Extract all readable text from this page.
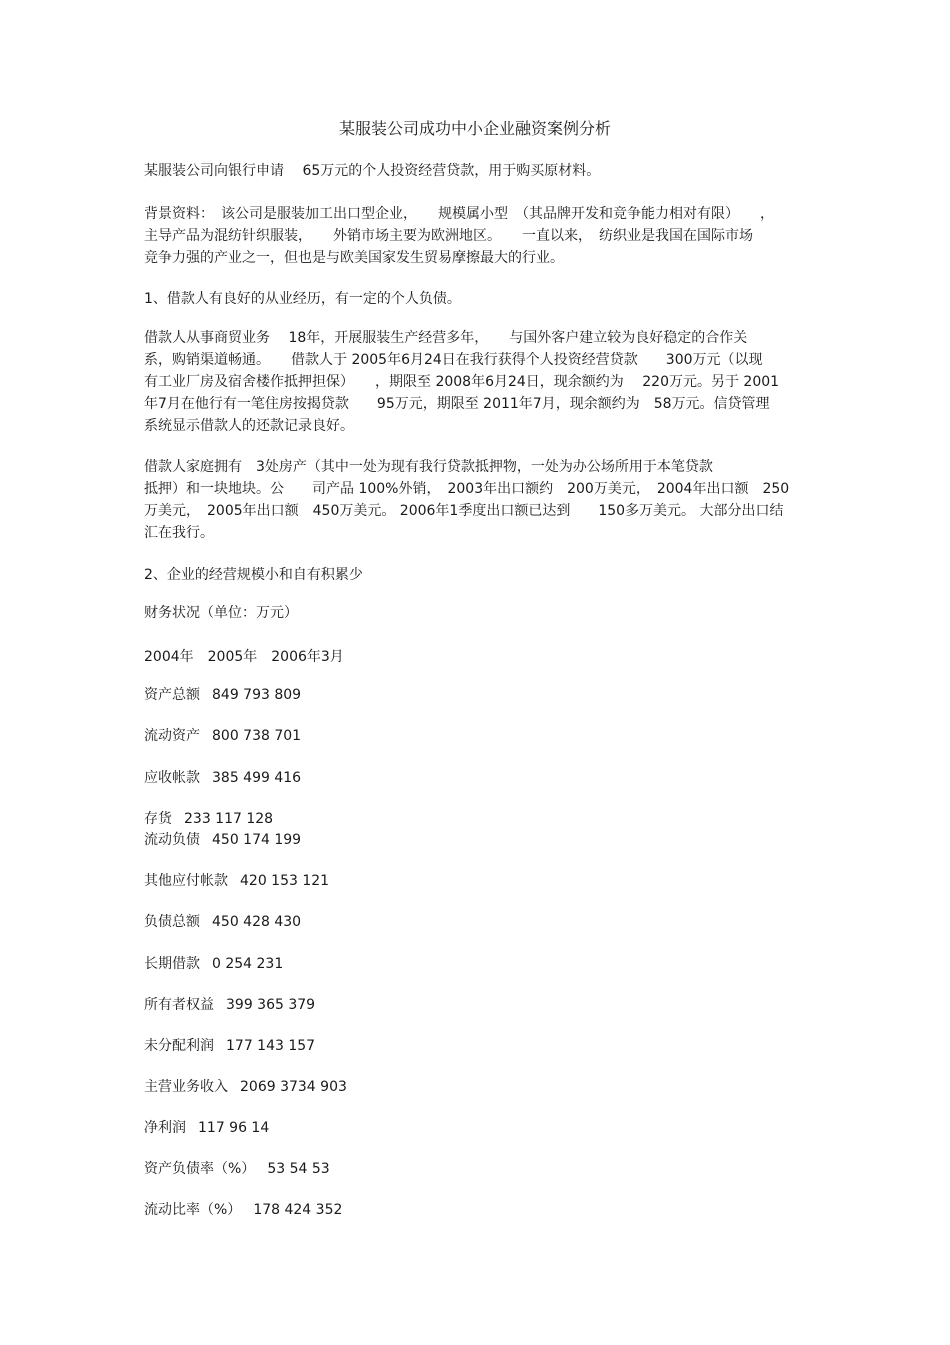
某服装公司成功中小企业融资案例分析
某服装公司向银行申请　 65万元的个人投资经营贷款，用于购买原材料。
背景资料：　该公司是服装加工出口型企业，　　规模属小型　（其品牌开发和竞争能力相对有限）　　，
主导产品为混纺针织服装，　　外销市场主要为欧洲地区。　　一直以来，　纺织业是我国在国际市场
竞争力强的产业之一，但也是与欧美国家发生贸易摩擦最大的行业。
1、借款人有良好的从业经历，有一定的个人负债。
借款人从事商贸业务　 18年，开展服装生产经营多年，　　与国外客户建立较为良好稳定的合作关
系，购销渠道畅通。　　借款人于 2005年6月24日在我行获得个人投资经营贷款　　300万元（以现
有工业厂房及宿舍楼作抵押担保）　　，期限至 2008年6月24日，现余额约为　 220万元。另于 2001
年7月在他行有一笔住房按揭贷款　　95万元，期限至 2011年7月，现余额约为　58万元。信贷管理
系统显示借款人的还款记录良好。
借款人家庭拥有　3处房产（其中一处为现有我行贷款抵押物，一处为办公场所用于本笔贷款
抵押）和一块地块。公　　司产品 100%外销，　2003年出口额约　200万美元，　2004年出口额　250
万美元，　2005年出口额　450万美元。 2006年1季度出口额已达到　　150多万美元。 大部分出口结
汇在我行。
2、企业的经营规模小和自有积累少
财务状况（单位：万元）
2004年　2005年　2006年3月
资产总额 849 793 809
流动资产 800 738 701
应收帐款 385 499 416
存货 233 117 128
流动负债 450 174 199
其他应付帐款 420 153 121
负债总额 450 428 430
长期借款 0 254 231
所有者权益 399 365 379
未分配利润 177 143 157
主营业务收入 2069 3734 903
净利润 117 96 14
资产负债率（%） 53 54 53
流动比率（%） 178 424 352
